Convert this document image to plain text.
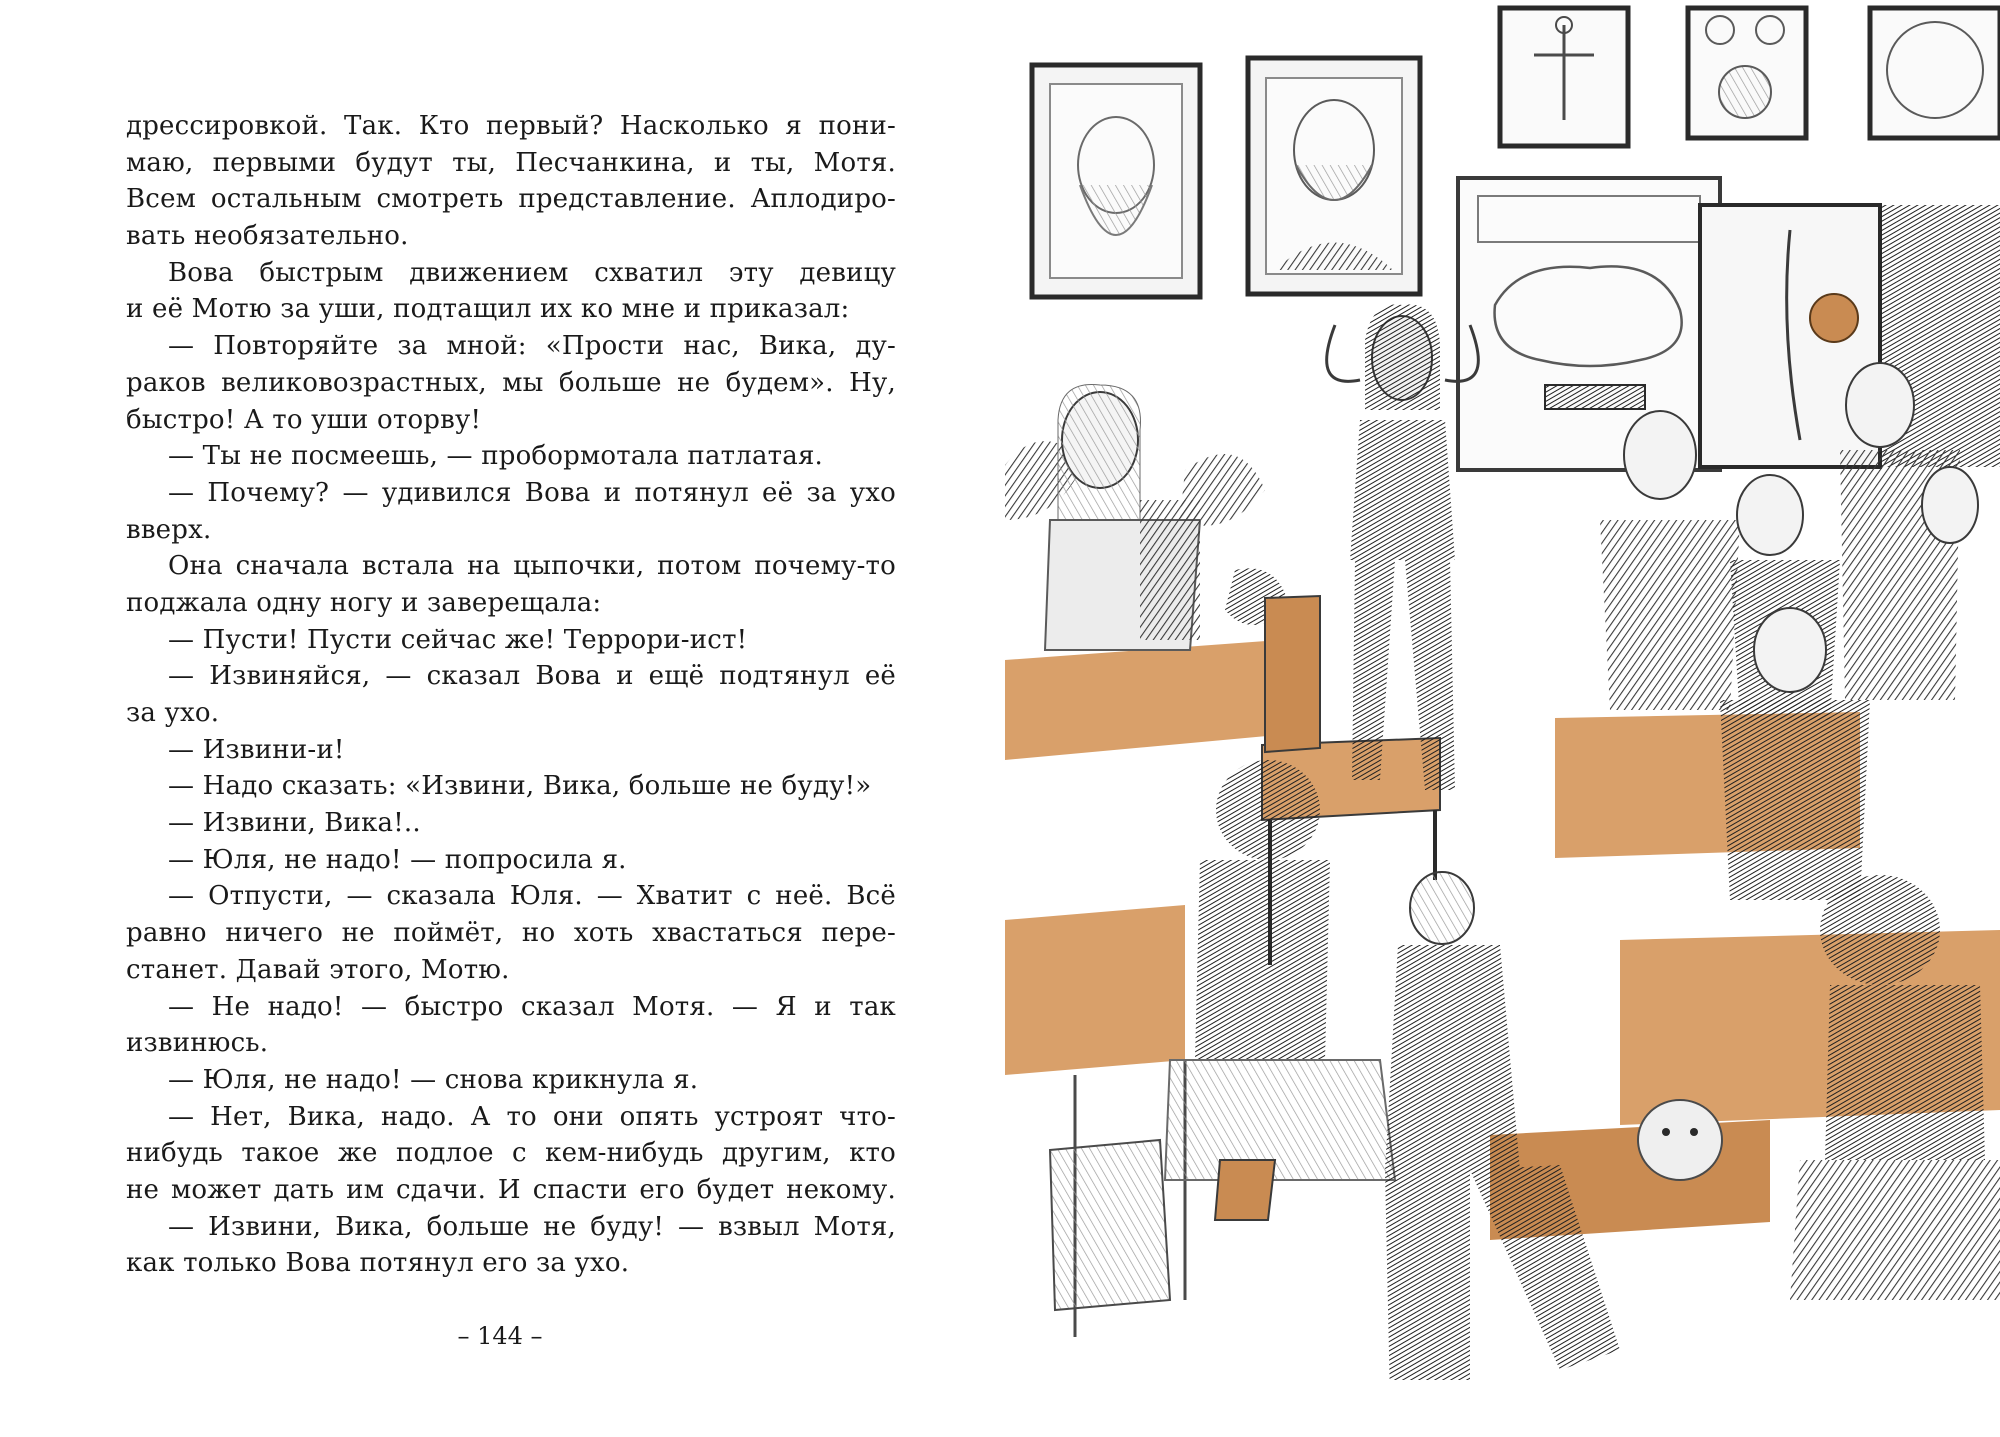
дрессировкой. Так. Кто первый? Насколько я пони-
маю, первыми будут ты, Песчанкина, и ты, Мотя.
Всем остальным смотреть представление. Аплодиро-
вать необязательно.
Вова быстрым движением схватил эту девицу
и её Мотю за уши, подтащил их ко мне и приказал:
— Повторяйте за мной: «Прости нас, Вика, ду-
раков великовозрастных, мы больше не будем». Ну,
быстро! А то уши оторву!
— Ты не посмеешь, — пробормотала патлатая.
— Почему? — удивился Вова и потянул её за ухо
вверх.
Она сначала встала на цыпочки, потом почему-то
поджала одну ногу и заверещала:
— Пусти! Пусти сейчас же! Террори-ист!
— Извиняйся, — сказал Вова и ещё подтянул её
за ухо.
— Извини-и!
— Надо сказать: «Извини, Вика, больше не буду!»
— Извини, Вика!..
— Юля, не надо! — попросила я.
— Отпусти, — сказала Юля. — Хватит с неё. Всё
равно ничего не поймёт, но хоть хвастаться пере-
станет. Давай этого, Мотю.
— Не надо! — быстро сказал Мотя. — Я и так
извинюсь.
— Юля, не надо! — снова крикнула я.
— Нет, Вика, надо. А то они опять устроят что-
нибудь такое же подлое с кем-нибудь другим, кто
не может дать им сдачи. И спасти его будет некому.
— Извини, Вика, больше не буду! — взвыл Мотя,
как только Вова потянул его за ухо.
– 144 –
